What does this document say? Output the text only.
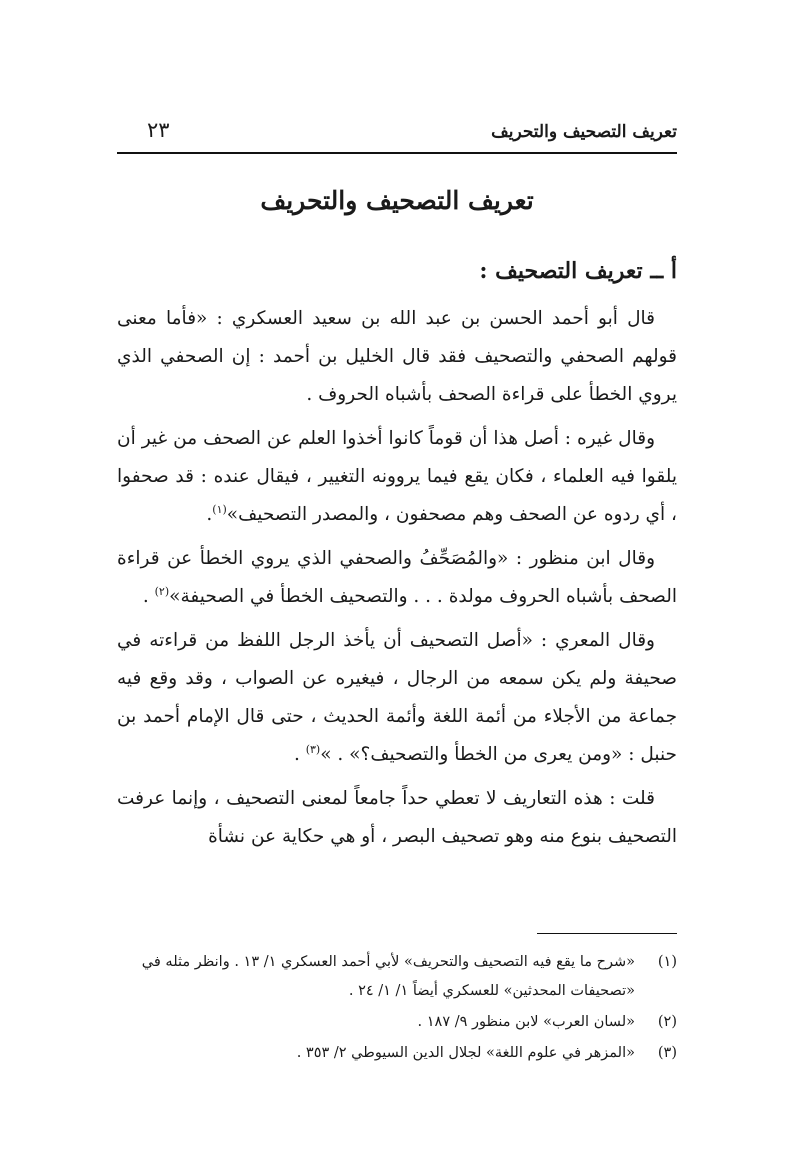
تعريف التصحيف والتحريف
٢٣
تعريف التصحيف والتحريف
أ ــ تعريف التصحيف :

قال أبو أحمد الحسن بن عبد الله بن سعيد العسكري : «فأما معنى قولهم الصحفي والتصحيف فقد قال الخليل بن أحمد : إن الصحفي الذي يروي الخطأ على قراءة الصحف بأشباه الحروف .

وقال غيره : أصل هذا أن قوماً كانوا أخذوا العلم عن الصحف من غير أن يلقوا فيه العلماء ، فكان يقع فيما يروونه التغيير ، فيقال عنده : قد صحفوا ، أي ردوه عن الصحف وهم مصحفون ، والمصدر التصحيف»$^{(١)}$.

وقال ابن منظور : «والمُصَحِّفُ والصحفي الذي يروي الخطأ عن قراءة الصحف بأشباه الحروف مولدة . . . والتصحيف الخطأ في الصحيفة»$^{(٢)}$ .

وقال المعري : «أصل التصحيف أن يأخذ الرجل اللفظ من قراءته في صحيفة ولم يكن سمعه من الرجال ، فيغيره عن الصواب ، وقد وقع فيه جماعة من الأجلاء من أئمة اللغة وأئمة الحديث ، حتى قال الإمام أحمد بن حنبل : «ومن يعرى من الخطأ والتصحيف؟» . »$^{(٣)}$ .

قلت : هذه التعاريف لا تعطي حداً جامعاً لمعنى التصحيف ، وإنما عرفت التصحيف بنوع منه وهو تصحيف البصر ، أو هي حكاية عن نشأة

(١)
«شرح ما يقع فيه التصحيف والتحريف» لأبي أحمد العسكري ١/ ١٣ . وانظر مثله في «تصحيفات المحدثين» للعسكري أيضاً ١/ ١/ ٢٤ .
(٢)
«لسان العرب» لابن منظور ٩/ ١٨٧ .
(٣)
«المزهر في علوم اللغة» لجلال الدين السيوطي ٢/ ٣٥٣ .
